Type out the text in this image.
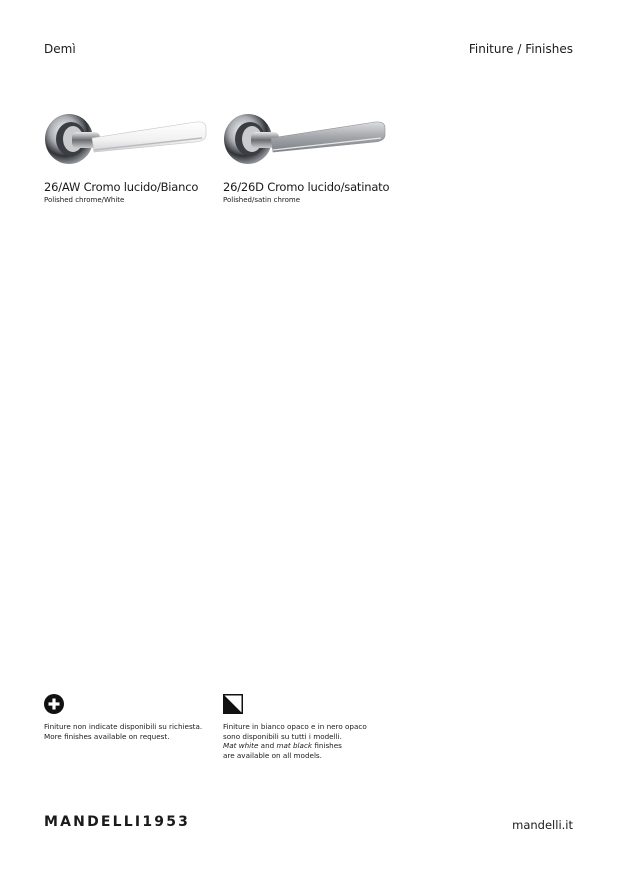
Demì	Finiture / Finishes
26/AW Cromo lucido/Bianco
Polished chrome/White
26/26D Cromo lucido/satinato
Polished/satin chrome
Finiture non indicate disponibili su richiesta.
More finishes available on request.
Finiture in bianco opaco e in nero opaco
sono disponibili su tutti i modelli.
Mat white and mat black finishes
are available on all models.
MANDELLI1953	mandelli.it
